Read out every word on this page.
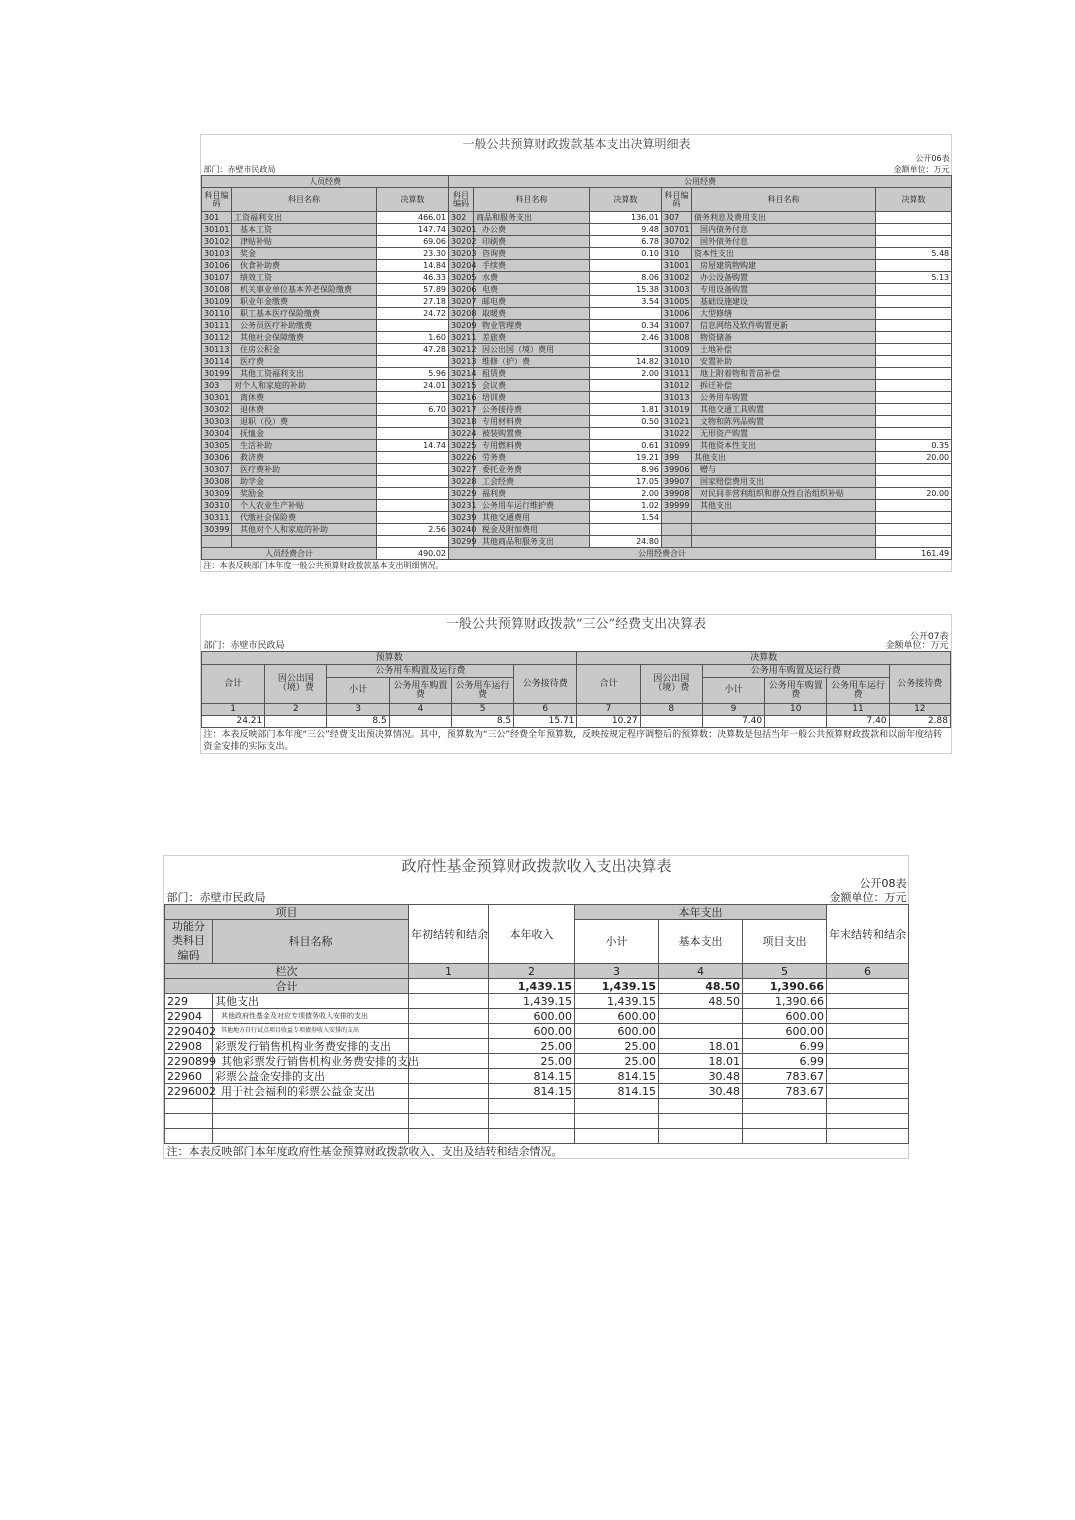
一般公共预算财政拨款基本支出决算明细表								
公开06表								
部门：赤壁市民政局					金额单位：万元			
人员经费			公用经费					
科目编码	科目名称	决算数	科目编码	科目名称	决算数	科目编码	科目名称	决算数
301	工资福利支出	466.01	302	商品和服务支出	136.01	307	债务利息及费用支出	
30101	基本工资	147.74	30201	办公费	9.48	30701	国内债务付息	
30102	津贴补贴	69.06	30202	印刷费	6.78	30702	国外债务付息	
30103	奖金	23.30	30203	咨询费	0.10	310	资本性支出	5.48
30106	伙食补助费	14.84	30204	手续费		31001	房屋建筑物购建	
30107	绩效工资	46.33	30205	水费	8.06	31002	办公设备购置	5.13
30108	机关事业单位基本养老保险缴费	57.89	30206	电费	15.38	31003	专用设备购置	
30109	职业年金缴费	27.18	30207	邮电费	3.54	31005	基础设施建设	
30110	职工基本医疗保险缴费	24.72	30208	取暖费		31006	大型修缮	
30111	公务员医疗补助缴费		30209	物业管理费	0.34	31007	信息网络及软件购置更新	
30112	其他社会保障缴费	1.60	30211	差旅费	2.46	31008	物资储备	
30113	住房公积金	47.28	30212	因公出国（境）费用		31009	土地补偿	
30114	医疗费		30213	维修（护）费	14.82	31010	安置补助	
30199	其他工资福利支出	5.96	30214	租赁费	2.00	31011	地上附着物和青苗补偿	
303	对个人和家庭的补助	24.01	30215	会议费		31012	拆迁补偿	
30301	离休费		30216	培训费		31013	公务用车购置	
30302	退休费	6.70	30217	公务接待费	1.81	31019	其他交通工具购置	
30303	退职（役）费		30218	专用材料费	0.50	31021	文物和陈列品购置	
30304	抚恤金		30224	被装购置费		31022	无形资产购置	
30305	生活补助	14.74	30225	专用燃料费	0.61	31099	其他资本性支出	0.35
30306	救济费		30226	劳务费	19.21	399	其他支出	20.00
30307	医疗费补助		30227	委托业务费	8.96	39906	赠与	
30308	助学金		30228	工会经费	17.05	39907	国家赔偿费用支出	
30309	奖励金		30229	福利费	2.00	39908	对民间非营利组织和群众性自治组织补贴	20.00
30310	个人农业生产补贴		30231	公务用车运行维护费	1.02	39999	其他支出	
30311	代缴社会保险费		30239	其他交通费用	1.54			
30399	其他对个人和家庭的补助	2.56	30240	税金及附加费用				
			30299	其他商品和服务支出	24.80			
人员经费合计		490.02	公用经费合计					161.49
注：本表反映部门本年度一般公共预算财政拨款基本支出明细情况。								
一般公共预算财政拨款“三公”经费支出决算表											
公开07表											
部门：赤壁市民政局						金额单位：万元					
预算数						决算数					
合计	因公出国（境）费	公务用车购置及运行费			公务接待费	合计	因公出国（境）费	公务用车购置及运行费			公务接待费
		小计	公务用车购置费	公务用车运行费				小计	公务用车购置费	公务用车运行费	
1	2	3	4	5	6	7	8	9	10	11	12
24.21		8.5		8.5	15.71	10.27		7.40		7.40	2.88
注：本表反映部门本年度“三公”经费支出预决算情况。其中，预算数为“三公”经费全年预算数，反映按规定程序调整后的预算数；决算数是包括当年一般公共预算财政拨款和以前年度结转资金安排的实际支出。											
政府性基金预算财政拨款收入支出决算表							
公开08表							
部门：赤壁市民政局				金额单位：万元			
项目		年初结转和结余	本年收入	本年支出			年末结转和结余
功能分类科目编码	科目名称			小计	基本支出	项目支出	
栏次		1	2	3	4	5	6
合计			1,439.15	1,439.15	48.50	1,390.66	
229	其他支出		1,439.15	1,439.15	48.50	1,390.66	
22904	其他政府性基金及对应专项债务收入安排的支出		600.00	600.00		600.00	
2290402	其他地方自行试点项目收益专项债券收入安排的支出		600.00	600.00		600.00	
22908	彩票发行销售机构业务费安排的支出		25.00	25.00	18.01	6.99	
2290899	其他彩票发行销售机构业务费安排的支出		25.00	25.00	18.01	6.99	
22960	彩票公益金安排的支出		814.15	814.15	30.48	783.67	
2296002	用于社会福利的彩票公益金支出		814.15	814.15	30.48	783.67	

注：本表反映部门本年度政府性基金预算财政拨款收入、支出及结转和结余情况。							
